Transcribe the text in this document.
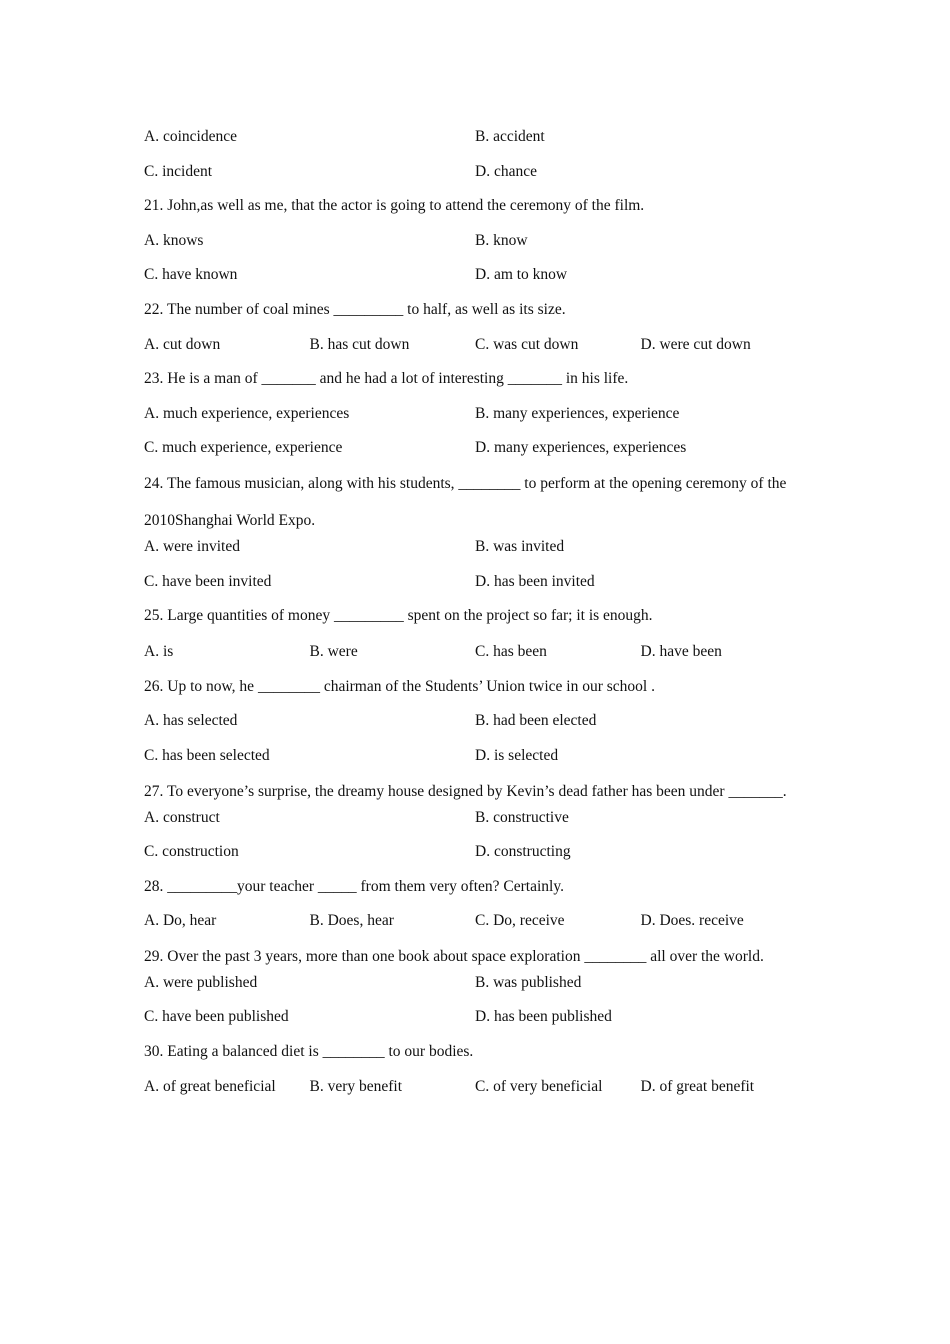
A. coincidence	B. accident
C. incident	D. chance
21. John,as well as me, that the actor is going to attend the ceremony of the film.
A. knows	B. know
C. have known	D. am to know
22. The number of coal mines _________ to half, as well as its size.
A. cut down	B. has cut down	C. was cut down	D. were cut down
23. He is a man of _______ and he had a lot of interesting _______ in his life.
A. much experience, experiences	B. many experiences, experience
C. much experience, experience	D. many experiences, experiences
24. The famous musician, along with his students, ________ to perform at the opening ceremony of the 2010Shanghai World Expo.
A. were invited	B. was invited
C. have been invited	D. has been invited
25. Large quantities of money _________ spent on the project so far; it is enough.
A. is	B. were	C. has been	D. have been
26. Up to now, he ________ chairman of the Students’ Union twice in our school .
A. has selected	B. had been elected
C. has been selected	D. is selected
27. To everyone’s surprise, the dreamy house designed by Kevin’s dead father has been under _______.
A. construct	B. constructive
C. construction	D. constructing
28. _________your teacher _____ from them very often? Certainly.
A. Do, hear	B. Does, hear	C. Do, receive	D. Does. receive
29. Over the past 3 years, more than one book about space exploration ________ all over the world.
A. were published	B. was published
C. have been published	D. has been published
30. Eating a balanced diet is ________ to our bodies.
A. of great beneficial B. very benefit	C. of very beneficial D. of great benefit
